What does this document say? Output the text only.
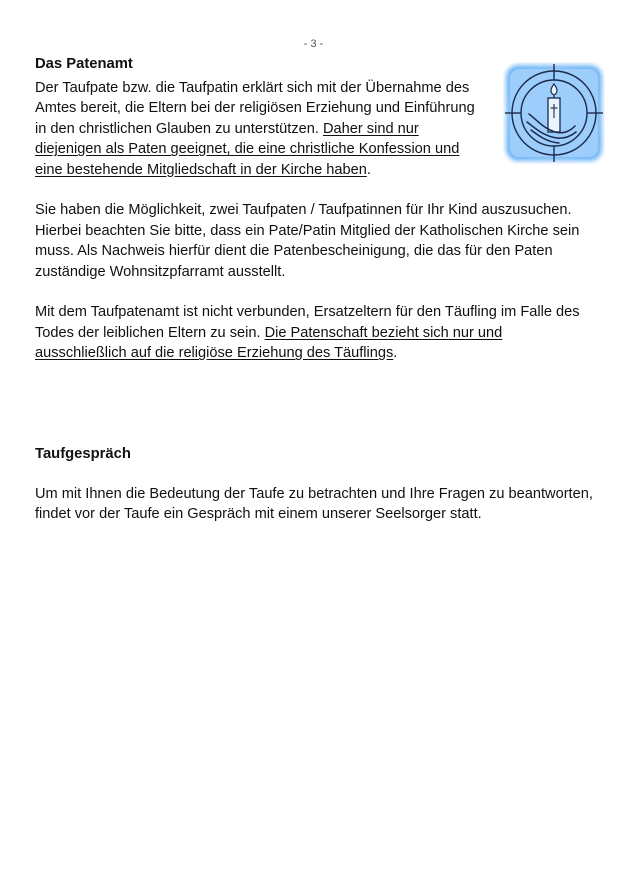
- 3 -
Das Patenamt

Der Taufpate bzw. die Taufpatin erklärt sich mit der Übernahme des Amtes bereit, die Eltern bei der religiösen Erziehung und Einführung in den christlichen Glauben zu unterstützen. Daher sind nur diejenigen als Paten geeignet, die eine christliche Konfession und eine bestehende Mitgliedschaft in der Kirche haben.

Sie haben die Möglichkeit, zwei Taufpaten / Taufpatinnen für Ihr Kind auszusuchen. Hierbei beachten Sie bitte, dass ein Pate/Patin Mitglied der Katholischen Kirche sein muss. Als Nachweis hierfür dient die Patenbescheinigung, die das für den Paten zuständige Wohnsitzpfarramt ausstellt.

Mit dem Taufpatenamt ist nicht verbunden, Ersatzeltern für den Täufling im Falle des Todes der leiblichen Eltern zu sein. Die Patenschaft bezieht sich nur und ausschließlich auf die religiöse Erziehung des Täuflings.

Taufgespräch

Um mit Ihnen die Bedeutung der Taufe zu betrachten und Ihre Fragen zu beantworten, findet vor der Taufe ein Gespräch mit einem unserer Seelsorger statt.
